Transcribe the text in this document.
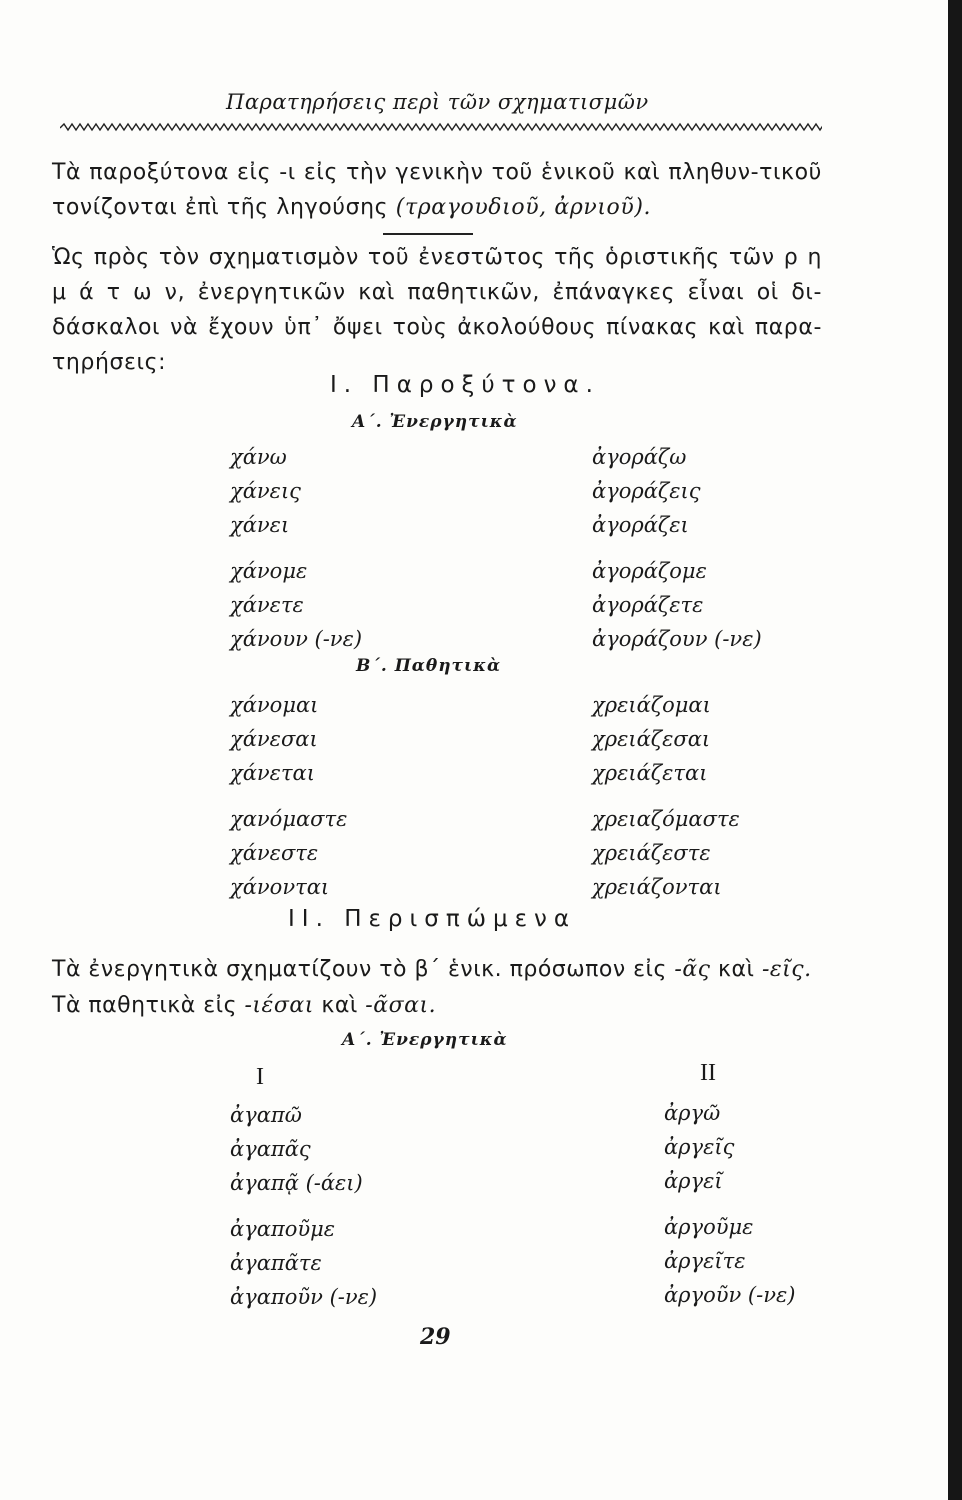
Παρατηρήσεις περὶ τῶν σχηματισμῶν
Τὰ παροξύτονα εἰς -ι εἰς τὴν γενικὴν τοῦ ἑνικοῦ καὶ πληθυν-τικοῦ τονίζονται ἐπὶ τῆς ληγούσης (τραγουδιοῦ, ἀρνιοῦ).
Ὡς πρὸς τὸν σχηματισμὸν τοῦ ἐνεστῶτος τῆς ὁριστικῆς τῶν ρ η μ ά τ ω ν, ἐνεργητικῶν καὶ παθητικῶν, ἐπάναγκες εἶναι οἱ δι-δάσκαλοι νὰ ἔχουν ὑπ᾿ ὄψει τοὺς ἀκολούθους πίνακας καὶ παρα-τηρήσεις:
Ι. Παροξύτονα.
Α΄. Ἐνεργητικὰ
χάνω
χάνεις
χάνει
χάνομε
χάνετε
χάνουν (-νε)
ἀγοράζω
ἀγοράζεις
ἀγοράζει
ἀγοράζομε
ἀγοράζετε
ἀγοράζουν (-νε)
Β΄. Παθητικὰ
χάνομαι
χάνεσαι
χάνεται
χανόμαστε
χάνεστε
χάνονται
χρειάζομαι
χρειάζεσαι
χρειάζεται
χρειαζόμαστε
χρειάζεστε
χρειάζονται
ΙΙ. Περισπώμενα
Τὰ ἐνεργητικὰ σχηματίζουν τὸ β΄ ἑνικ. πρόσωπον εἰς -ᾶς καὶ -εῖς. Τὰ παθητικὰ εἰς -ιέσαι καὶ -ᾶσαι.
Α΄. Ἐνεργητικὰ
Ι	ΙΙ
ἀγαπῶ
ἀγαπᾶς
ἀγαπᾷ (-άει)
ἀγαποῦμε
ἀγαπᾶτε
ἀγαποῦν (-νε)
ἀργῶ
ἀργεῖς
ἀργεῖ
ἀργοῦμε
ἀργεῖτε
ἀργοῦν (-νε)
29
